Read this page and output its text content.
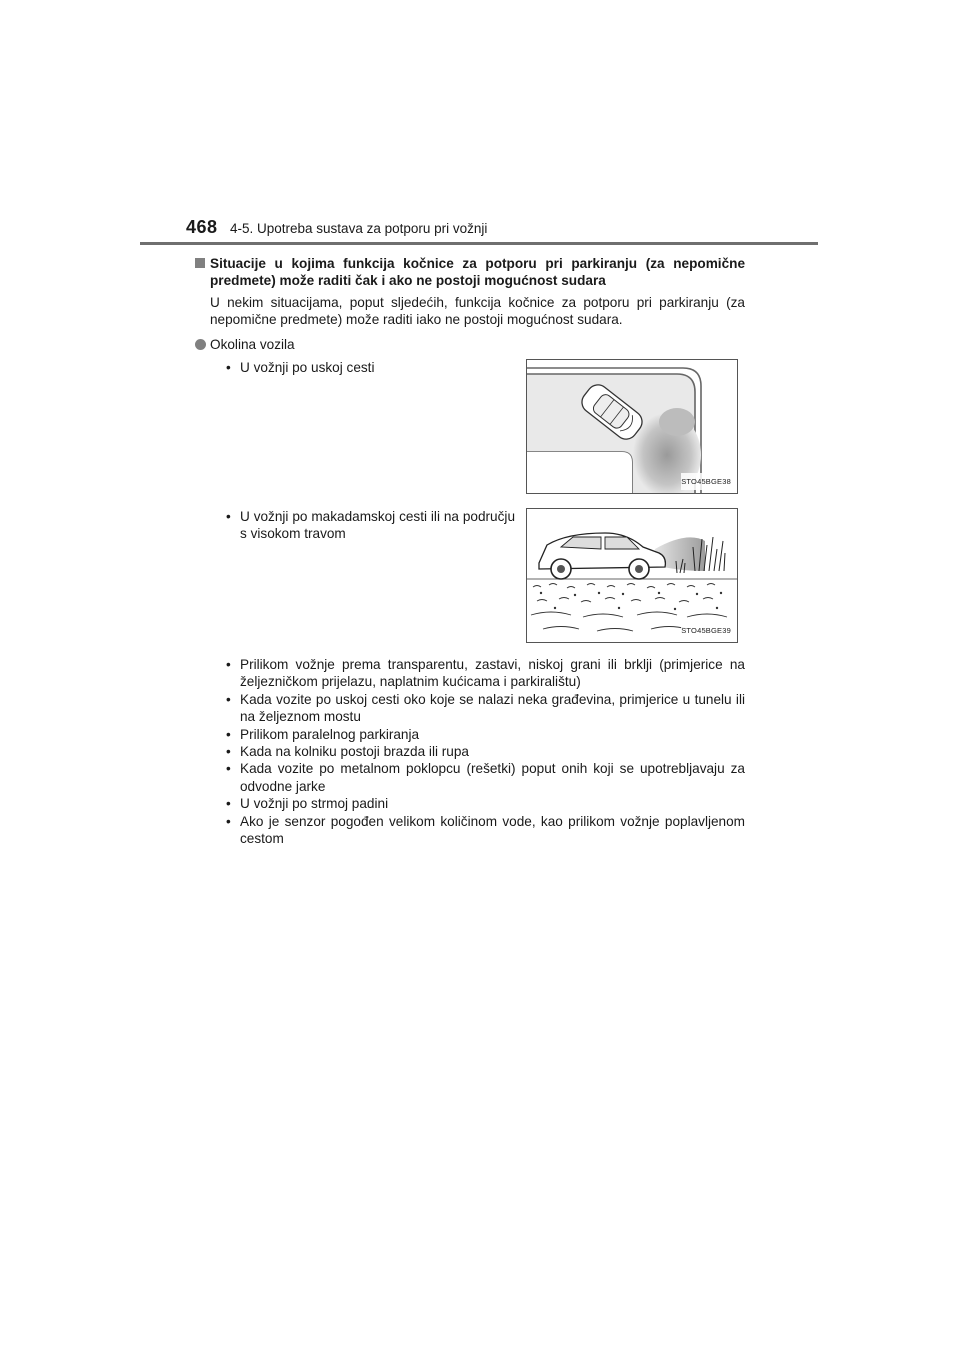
468 4-5. Upotreba sustava za potporu pri vožnji
Situacije u kojima funkcija kočnice za potporu pri parkiranju (za nepomične predmete) može raditi čak i ako ne postoji mogućnost sudara
U nekim situacijama, poput sljedećih, funkcija kočnice za potporu pri parkiranju (za nepomične predmete) može raditi iako ne postoji mogućnost sudara.
Okolina vozila
• U vožnji po uskoj cesti
STO45BGE38
• U vožnji po makadamskoj cesti ili na području s visokom travom
STO45BGE39
• Prilikom vožnje prema transparentu, zastavi, niskoj grani ili brklji (primjerice na željezničkom prijelazu, naplatnim kućicama i parkiralištu)
• Kada vozite po uskoj cesti oko koje se nalazi neka građevina, primjerice u tunelu ili na željeznom mostu
• Prilikom paralelnog parkiranja
• Kada na kolniku postoji brazda ili rupa
• Kada vozite po metalnom poklopcu (rešetki) poput onih koji se upotrebljavaju za odvodne jarke
• U vožnji po strmoj padini
• Ako je senzor pogođen velikom količinom vode, kao prilikom vožnje poplavljenom cestom
